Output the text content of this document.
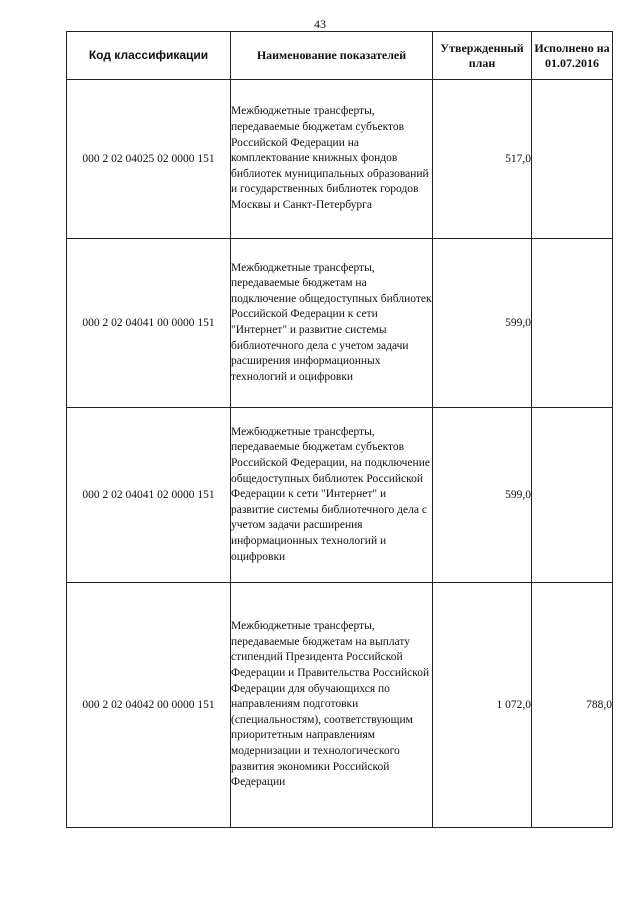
43
Код классификации	Наименование показателей	Утвержденный план	Исполнено на 01.07.2016
000 2 02 04025 02 0000 151	Межбюджетные трансферты, передаваемые бюджетам субъектов Российской Федерации на комплектование книжных фондов библиотек муниципальных образований и государственных библиотек городов Москвы и Санкт-Петербурга	517,0	
000 2 02 04041 00 0000 151	Межбюджетные трансферты, передаваемые бюджетам на подключение общедоступных библиотек Российской Федерации к сети "Интернет" и развитие системы библиотечного дела с учетом задачи расширения информационных технологий и оцифровки	599,0	
000 2 02 04041 02 0000 151	Межбюджетные трансферты, передаваемые бюджетам субъектов Российской Федерации, на подключение общедоступных библиотек Российской Федерации к сети "Интернет" и развитие системы библиотечного дела с учетом задачи расширения информационных технологий и оцифровки	599,0	
000 2 02 04042 00 0000 151	Межбюджетные трансферты, передаваемые бюджетам на выплату стипендий Президента Российской Федерации и Правительства Российской Федерации для обучающихся по направлениям подготовки (специальностям), соответствующим приоритетным направлениям модернизации и технологического развития экономики Российской Федерации	1 072,0	788,0
